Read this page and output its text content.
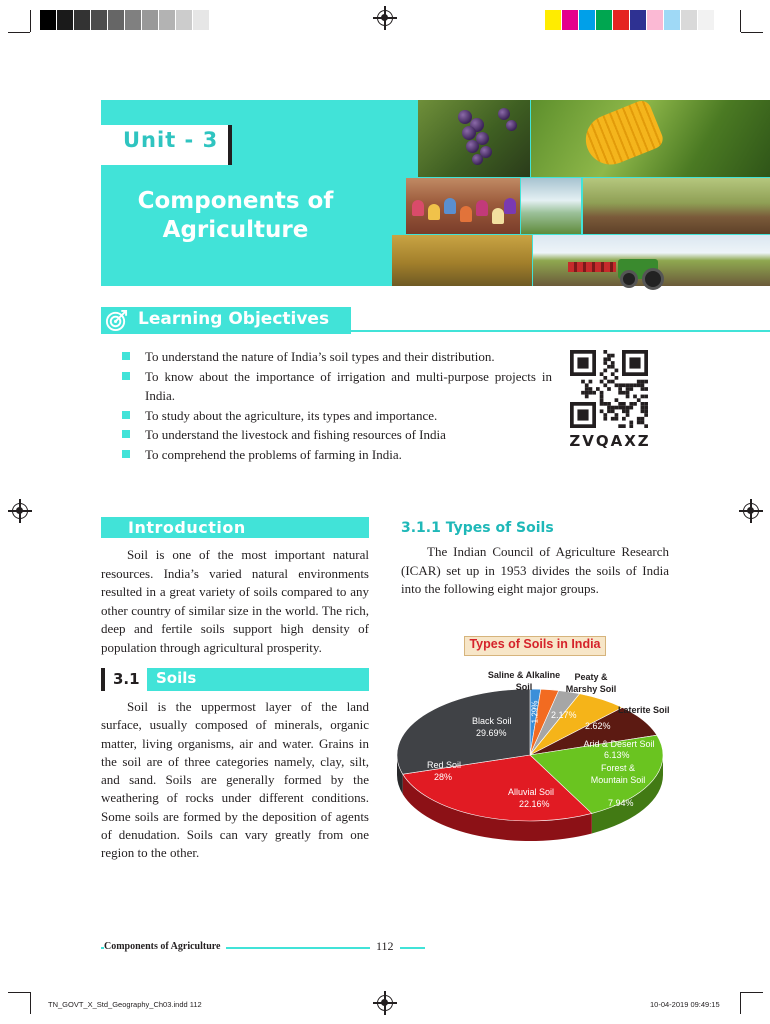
Unit - 3
Components of Agriculture
Learning Objectives
To understand the nature of India’s soil types and their distribution.
To know about the importance of irrigation and multi-purpose projects in India.
To study about the agriculture, its types and importance.
To understand the livestock and fishing resources of India
To comprehend the problems of farming in India.
ZVQAXZ
Introduction

Soil is one of the most important natural resources. India’s varied natural environments resulted in a great variety of soils compared to any other country of similar size in the world. The rich, deep and fertile soils support high density of population through agricultural prosperity.

3.1	Soils

Soil is the uppermost layer of the land surface, usually composed of minerals, organic matter, living organisms, air and water. Grains in the soil are of three categories namely, clay, silt, and sand. Soils are generally formed by the weathering of rocks under different conditions. Some soils are formed by the deposition of agents of denudation. Soils can vary greatly from one region to the other.

3.1.1 Types of Soils

The Indian Council of Agriculture Research (ICAR) set up in 1953 divides the soils of India into the following eight major groups.

Types of Soils in India
Saline & Alkaline Soil
1.29%
Peaty & Marshy Soil
2.17%	Laterite Soil
2.62%
Arid & Desert Soil
6.13%
Forest & Mountain Soil
7.94%
Alluvial Soil
22.16%
Red Soil
28%
Black Soil
29.69%
Components of Agriculture	112
TN_GOVT_X_Std_Geography_Ch03.indd 112	10-04-2019 09:49:15
